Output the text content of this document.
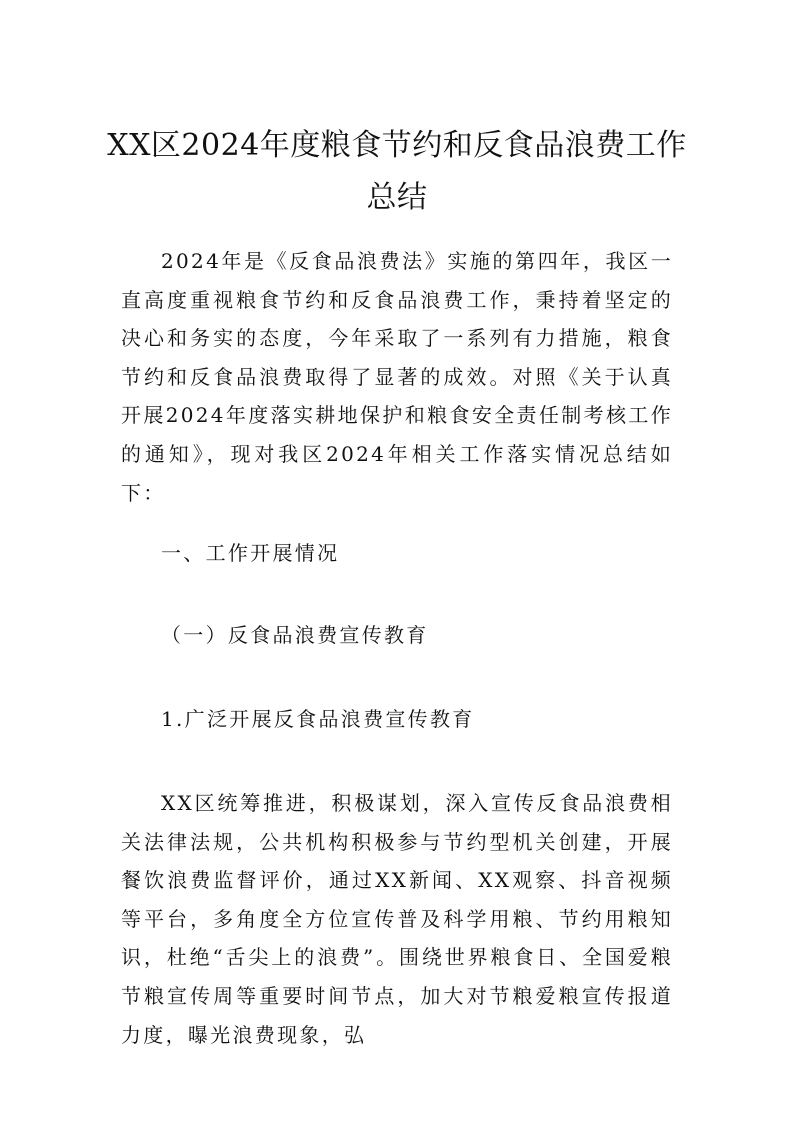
XX区2024年度粮食节约和反食品浪费工作
总结

2024年是《反食品浪费法》实施的第四年，我区一直高度重视粮食节约和反食品浪费工作，秉持着坚定的决心和务实的态度，今年采取了一系列有力措施，粮食节约和反食品浪费取得了显著的成效。对照《关于认真开展2024年度落实耕地保护和粮食安全责任制考核工作的通知》，现对我区2024年相关工作落实情况总结如下：

一、工作开展情况

（一）反食品浪费宣传教育

1.广泛开展反食品浪费宣传教育

XX区统筹推进，积极谋划，深入宣传反食品浪费相关法律法规，公共机构积极参与节约型机关创建，开展餐饮浪费监督评价，通过XX新闻、XX观察、抖音视频等平台，多角度全方位宣传普及科学用粮、节约用粮知识，杜绝“舌尖上的浪费”。围绕世界粮食日、全国爱粮节粮宣传周等重要时间节点，加大对节粮爱粮宣传报道力度，曝光浪费现象，弘
